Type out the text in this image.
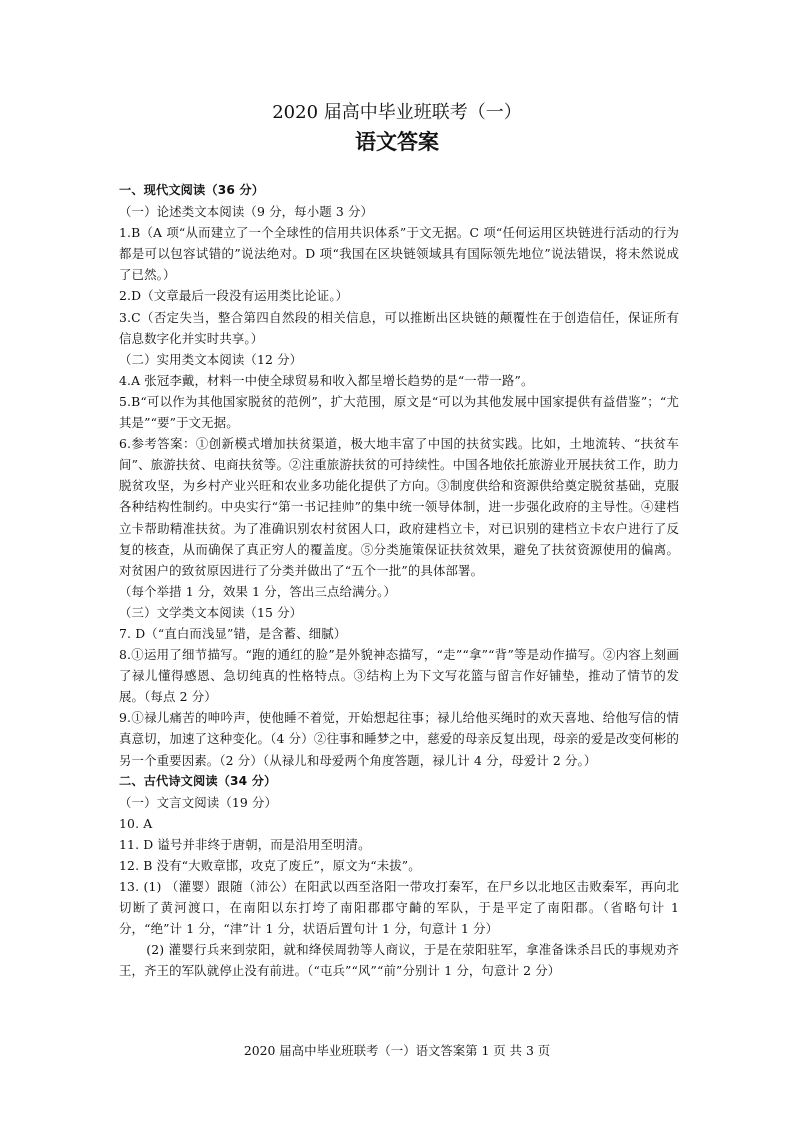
2020 届高中毕业班联考（一）
语文答案

一、现代文阅读（36 分）

（一）论述类文本阅读（9 分，每小题 3 分）

1.B（A 项“从而建立了一个全球性的信用共识体系”于文无据。C 项“任何运用区块链进行活动的行为都是可以包容试错的”说法绝对。D 项“我国在区块链领域具有国际领先地位”说法错误，将未然说成了已然。）

2.D（文章最后一段没有运用类比论证。）

3.C（否定失当，整合第四自然段的相关信息，可以推断出区块链的颠覆性在于创造信任，保证所有信息数字化并实时共享。）

（二）实用类文本阅读（12 分）

4.A 张冠李戴，材料一中使全球贸易和收入都呈增长趋势的是“一带一路”。

5.B“可以作为其他国家脱贫的范例”，扩大范围，原文是“可以为其他发展中国家提供有益借鉴”；“尤其是”“要”于文无据。

6.参考答案：①创新模式增加扶贫渠道，极大地丰富了中国的扶贫实践。比如，土地流转、“扶贫车间”、旅游扶贫、电商扶贫等。②注重旅游扶贫的可持续性。中国各地依托旅游业开展扶贫工作，助力脱贫攻坚，为乡村产业兴旺和农业多功能化提供了方向。③制度供给和资源供给奠定脱贫基础，克服各种结构性制约。中央实行“第一书记挂帅”的集中统一领导体制，进一步强化政府的主导性。④建档立卡帮助精准扶贫。为了准确识别农村贫困人口，政府建档立卡，对已识别的建档立卡农户进行了反复的核查，从而确保了真正穷人的覆盖度。⑤分类施策保证扶贫效果，避免了扶贫资源使用的偏离。对贫困户的致贫原因进行了分类并做出了“五个一批”的具体部署。

（每个举措 1 分，效果 1 分，答出三点给满分。）

（三）文学类文本阅读（15 分）

7. D（“直白而浅显”错，是含蓄、细腻）

8.①运用了细节描写。“跑的通红的脸”是外貌神态描写，“走”“拿”“背”等是动作描写。②内容上刻画了禄儿懂得感恩、急切纯真的性格特点。③结构上为下文写花篮与留言作好铺垫，推动了情节的发展。（每点 2 分）

9.①禄儿痛苦的呻吟声，使他睡不着觉，开始想起往事；禄儿给他买绳时的欢天喜地、给他写信的情真意切，加速了这种变化。（4 分）②往事和睡梦之中，慈爱的母亲反复出现，母亲的爱是改变何彬的另一个重要因素。（2 分）（从禄儿和母爱两个角度答题，禄儿计 4 分，母爱计 2 分。）

二、古代诗文阅读（34 分）

（一）文言文阅读（19 分）

10. A

11. D 谥号并非终于唐朝，而是沿用至明清。

12. B 没有“大败章邯，攻克了废丘”，原文为“未拔”。

13. (1) （灌婴）跟随（沛公）在阳武以西至洛阳一带攻打秦军，在尸乡以北地区击败秦军，再向北切断了黄河渡口，在南阳以东打垮了南阳郡郡守齮的军队，于是平定了南阳郡。（省略句计 1 分，“绝”计 1 分，“津”计 1 分，状语后置句计 1 分，句意计 1 分）

(2) 灌婴行兵来到荥阳，就和绛侯周勃等人商议，于是在荥阳驻军，拿准备诛杀吕氏的事规劝齐王，齐王的军队就停止没有前进。（“屯兵”“风”“前”分别计 1 分，句意计 2 分）

2020 届高中毕业班联考（一）语文答案第 1 页 共 3 页
